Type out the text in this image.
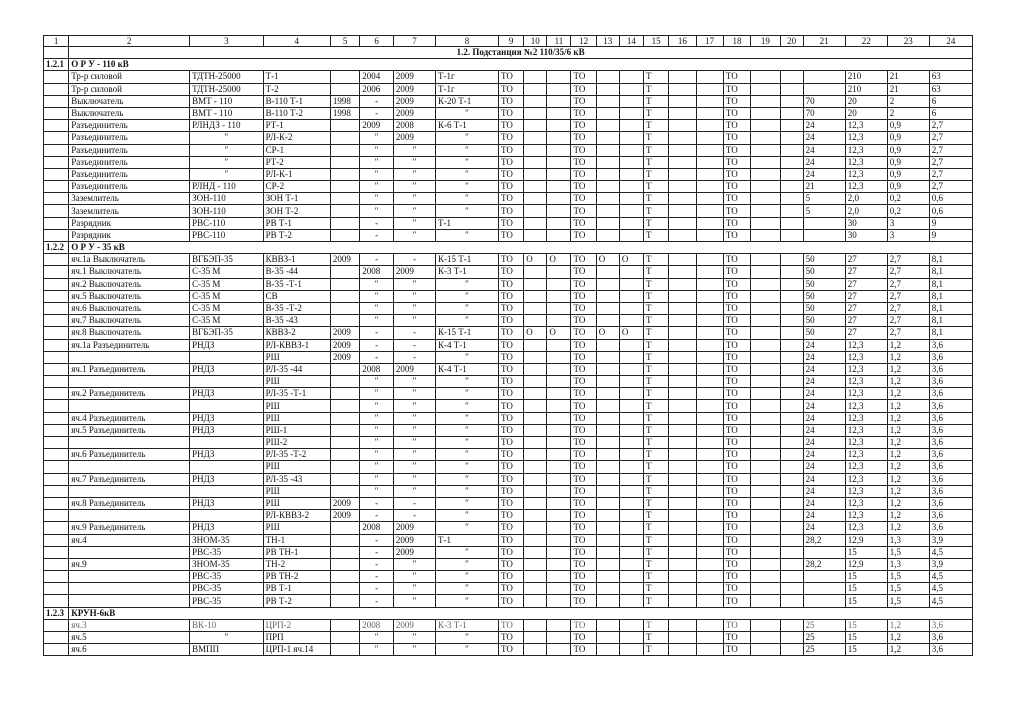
1	2	3	4	5	6	7	8	9	10	11	12	13	14	15	16	17	18	19	20	21	22	23	24
	1.2. Подстанция №2 110/35/6 кВ																						
1.2.1	О Р У - 110 кВ																						
	Тр-р силовой	ТДТН-25000	Т-1		2004	2009	Т-1г	ТО			ТО			Т			ТО				210	21	63
	Тр-р силовой	ТДТН-25000	Т-2		2006	2009	Т-1г	ТО			ТО			Т			ТО				210	21	63
	Выключатель	ВМТ - 110	В-110 Т-1	1998	-	2009	К-20 Т-1	ТО			ТО			Т			ТО			70	20	2	6
	Выключатель	ВМТ - 110	В-110 Т-2	1998	-	2009	″	ТО			ТО			Т			ТО			70	20	2	6
	Разъединитель	РЛНДЗ - 110	РТ-1		2009	2008	К-6 Т-1	ТО			ТО			Т			ТО			24	12,3	0,9	2,7
	Разъединитель	″	РЛ-К-2		″	2009	″	ТО			ТО			Т			ТО			24	12,3	0,9	2,7
	Разъединитель	″	СР-1		″	″	″	ТО			ТО			Т			ТО			24	12,3	0,9	2,7
	Разъединитель	″	РТ-2		″	″	″	ТО			ТО			Т			ТО			24	12,3	0,9	2,7
	Разъединитель	″	РЛ-К-1		″	″	″	ТО			ТО			Т			ТО			24	12,3	0,9	2,7
	Разъединитель	РЛНД - 110	СР-2		″	″	″	ТО			ТО			Т			ТО			21	12,3	0,9	2,7
	Заземлитель	ЗОН-110	ЗОН Т-1		″	″	″	ТО			ТО			Т			ТО			5	2,0	0,2	0,6
	Заземлитель	ЗОН-110	ЗОН Т-2		″	″	″	ТО			ТО			Т			ТО			5	2,0	0,2	0,6
	Разрядник	РВС-110	РВ Т-1		-	″	Т-1	ТО			ТО			Т			ТО				30	3	9
	Разрядник	РВС-110	РВ Т-2		-	″	″	ТО			ТО			Т			ТО				30	3	9
1.2.2	О Р У - 35 кВ																						
	яч.1а Выключатель	ВГБЭП-35	КВВЗ-1	2009	-	-	К-15 Т-1	ТО	О	О	ТО	О	О	Т			ТО			50	27	2,7	8,1
	яч.1 Выключатель	С-35 М	В-35 -44		2008	2009	К-3 Т-1	ТО			ТО			Т			ТО			50	27	2,7	8,1
	яч.2 Выключатель	С-35 М	В-35 -Т-1		″	″	″	ТО			ТО			Т			ТО			50	27	2,7	8,1
	яч.5 Выключатель	С-35 М	СВ		″	″	″	ТО			ТО			Т			ТО			50	27	2,7	8,1
	яч.6 Выключатель	С-35 М	В-35 -Т-2		″	″	″	ТО			ТО			Т			ТО			50	27	2,7	8,1
	яч.7 Выключатель	С-35 М	В-35 -43		″	″	″	ТО			ТО			Т			ТО			50	27	2,7	8,1
	яч.8 Выключатель	ВГБЭП-35	КВВЗ-2	2009	-	-	К-15 Т-1	ТО	О	О	ТО	О	О	Т			ТО			50	27	2,7	8,1
	яч.1а Разъединитель	РНДЗ	РЛ-КВВЗ-1	2009	-	-	К-4 Т-1	ТО			ТО			Т			ТО			24	12,3	1,2	3,6
			РШ	2009	-	-	″	ТО			ТО			Т			ТО			24	12,3	1,2	3,6
	яч.1 Разъединитель	РНДЗ	РЛ-35 -44		2008	2009	К-4 Т-1	ТО			ТО			Т			ТО			24	12,3	1,2	3,6
			РШ		″	″	″	ТО			ТО			Т			ТО			24	12,3	1,2	3,6
	яч.2 Разъединитель	РНДЗ	РЛ-35 -Т-1		″	″	″	ТО			ТО			Т			ТО			24	12,3	1,2	3,6
			РШ		″	″	″	ТО			ТО			Т			ТО			24	12,3	1,2	3,6
	яч.4 Разъединитель	РНДЗ	РШ		″	″	″	ТО			ТО			Т			ТО			24	12,3	1,2	3,6
	яч.5 Разъединитель	РНДЗ	РШ-1		″	″	″	ТО			ТО			Т			ТО			24	12,3	1,2	3,6
			РШ-2		″	″	″	ТО			ТО			Т			ТО			24	12,3	1,2	3,6
	яч.6 Разъединитель	РНДЗ	РЛ-35 -Т-2		″	″	″	ТО			ТО			Т			ТО			24	12,3	1,2	3,6
			РШ		″	″	″	ТО			ТО			Т			ТО			24	12,3	1,2	3,6
	яч.7 Разъединитель	РНДЗ	РЛ-35 -43		″	″	″	ТО			ТО			Т			ТО			24	12,3	1,2	3,6
			РШ		″	″	″	ТО			ТО			Т			ТО			24	12,3	1,2	3,6
	яч.8 Разъединитель	РНДЗ	РШ	2009	-	-	″	ТО			ТО			Т			ТО			24	12,3	1,2	3,6
			РЛ-КВВЗ-2	2009	-	-	″	ТО			ТО			Т			ТО			24	12,3	1,2	3,6
	яч.9 Разъединитель	РНДЗ	РШ		2008	2009	″	ТО			ТО			Т			ТО			24	12,3	1,2	3,6
	яч.4	ЗНОМ-35	ТН-1		-	2009	Т-1	ТО			ТО			Т			ТО			28,2	12,9	1,3	3,9
		РВС-35	РВ ТН-1		-	2009	″	ТО			ТО			Т			ТО				15	1,5	4,5
	яч.9	ЗНОМ-35	ТН-2		-	″	″	ТО			ТО			Т			ТО			28,2	12,9	1,3	3,9
		РВС-35	РВ ТН-2		-	″	″	ТО			ТО			Т			ТО				15	1,5	4,5
		РВС-35	РВ Т-1		-	″	″	ТО			ТО			Т			ТО				15	1,5	4,5
		РВС-35	РВ Т-2		-	″	″	ТО			ТО			Т			ТО				15	1,5	4,5
1.2.3	КРУН-6кВ																						
	яч.3	ВК-10	ЦРП-2		2008	2009	К-3 Т-1	ТО			ТО			Т			ТО			25	15	1,2	3,6
	яч.5	″	ПРП		″	″	″	ТО			ТО			Т			ТО			25	15	1,2	3,6
	яч.6	ВМПП	ЦРП-1 яч.14		″	″	″	ТО			ТО			Т			ТО			25	15	1,2	3,6
